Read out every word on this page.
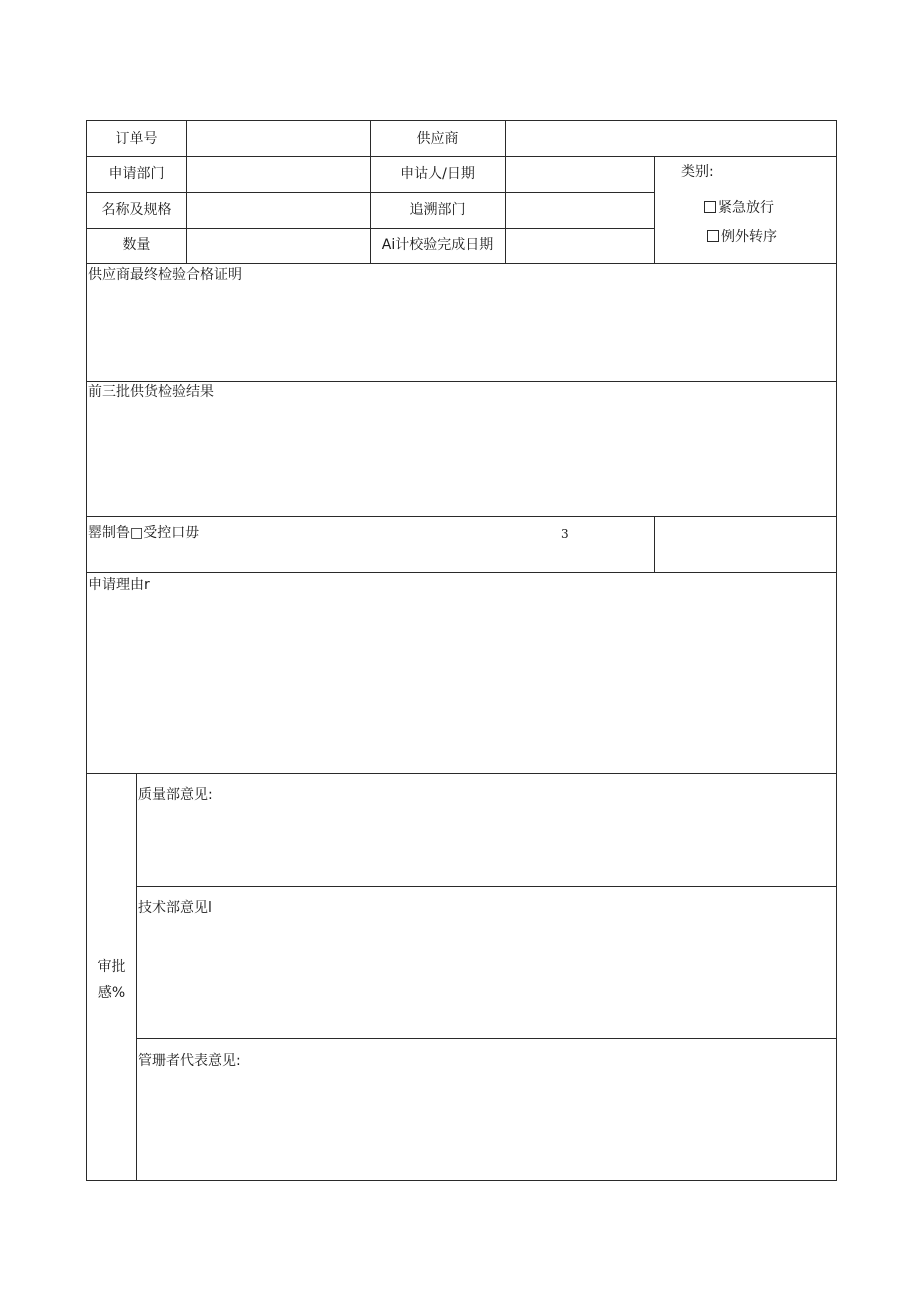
订单号	供应商
申请部门	申诂人/日期
名称及规格	追溯部门
数量	Ai计校验完成日期
类别:
紧急放行
例外转序
供应商最终检验合格证明
前三批供货检验结果
罂制鲁□受控口毋	3
申请理由r
审批
感%
质量部意见:
技术部意见l
管珊者代表意见:
